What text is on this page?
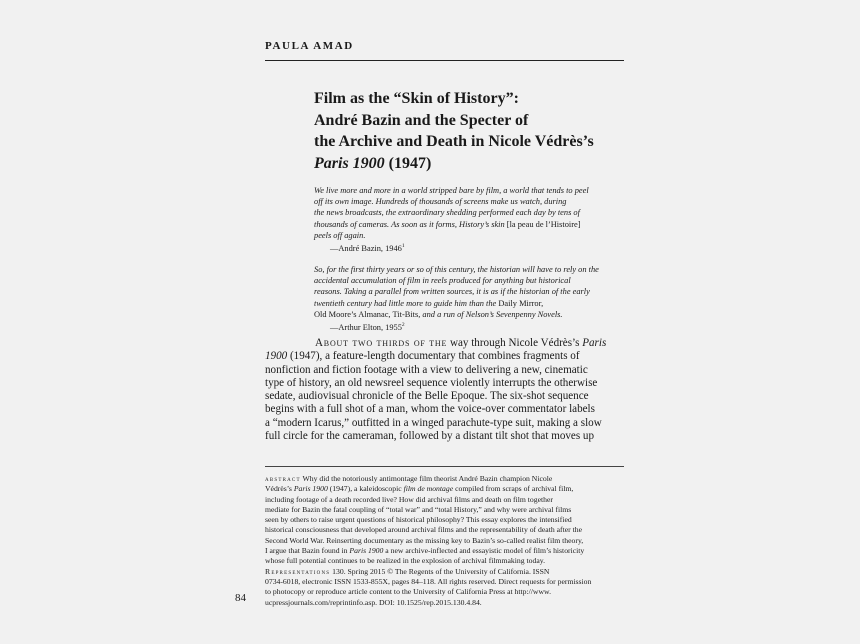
PAULA AMAD
Film as the “Skin of History”:
André Bazin and the Specter of
the Archive and Death in Nicole Védrès’s
Paris 1900 (1947)
We live more and more in a world stripped bare by film, a world that tends to peel
off its own image. Hundreds of thousands of screens make us watch, during
the news broadcasts, the extraordinary shedding performed each day by tens of
thousands of cameras. As soon as it forms, History’s skin [la peau de l’Histoire]
peels off again.
—André Bazin, 1946$^1$
So, for the first thirty years or so of this century, the historian will have to rely on the
accidental accumulation of film in reels produced for anything but historical
reasons. Taking a parallel from written sources, it is as if the historian of the early
twentieth century had little more to guide him than the Daily Mirror,
Old Moore’s Almanac, Tit-Bits, and a run of Nelson’s Sevenpenny Novels.
—Arthur Elton, 1955$^2$
About two thirds of the way through Nicole Védrès’s Paris
1900 (1947), a feature-length documentary that combines fragments of
nonfiction and fiction footage with a view to delivering a new, cinematic
type of history, an old newsreel sequence violently interrupts the otherwise
sedate, audiovisual chronicle of the Belle Epoque. The six-shot sequence
begins with a full shot of a man, whom the voice-over commentator labels
a “modern Icarus,” outfitted in a winged parachute-type suit, making a slow
full circle for the cameraman, followed by a distant tilt shot that moves up
abstract Why did the notoriously antimontage film theorist André Bazin champion Nicole
Védrès’s Paris 1900 (1947), a kaleidoscopic film de montage compiled from scraps of archival film,
including footage of a death recorded live? How did archival films and death on film together
mediate for Bazin the fatal coupling of “total war” and “total History,” and why were archival films
seen by others to raise urgent questions of historical philosophy? This essay explores the intensified
historical consciousness that developed around archival films and the representability of death after the
Second World War. Reinserting documentary as the missing key to Bazin’s so-called realist film theory,
I argue that Bazin found in Paris 1900 a new archive-inflected and essayistic model of film’s historicity
whose full potential continues to be realized in the explosion of archival filmmaking today.
Representations 130. Spring 2015 © The Regents of the University of California. ISSN
0734-6018, electronic ISSN 1533-855X, pages 84–118. All rights reserved. Direct requests for permission
to photocopy or reproduce article content to the University of California Press at http://www.
ucpressjournals.com/reprintinfo.asp. DOI: 10.1525/rep.2015.130.4.84.
84
